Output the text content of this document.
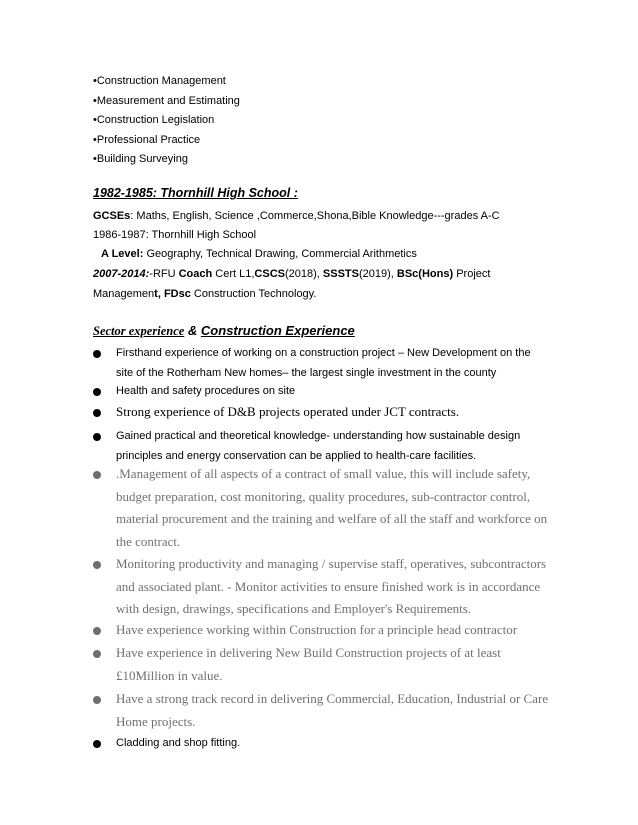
•Construction Management
•Measurement and Estimating
•Construction Legislation
•Professional Practice
•Building Surveying
1982-1985: Thornhill High School :
GCSEs: Maths, English, Science ,Commerce,Shona,Bible Knowledge---grades A-C
1986-1987: Thornhill High School
A Level: Geography, Technical Drawing, Commercial Arithmetics
2007-2014:-RFU Coach Cert L1,CSCS(2018), SSSTS(2019), BSc(Hons) Project
Management, FDsc Construction Technology.
Sector experience & Construction Experience
Firsthand experience of working on a construction project – New Development on the
site of the Rotherham New homes– the largest single investment in the county
Health and safety procedures on site
Strong experience of D&B projects operated under JCT contracts.
Gained practical and theoretical knowledge- understanding how sustainable design
principles and energy conservation can be applied to health-care facilities.
.Management of all aspects of a contract of small value, this will include safety,
budget preparation, cost monitoring, quality procedures, sub-contractor control,
material procurement and the training and welfare of all the staff and workforce on
the contract.
Monitoring productivity and managing / supervise staff, operatives, subcontractors
and associated plant. - Monitor activities to ensure finished work is in accordance
with design, drawings, specifications and Employer's Requirements.
Have experience working within Construction for a principle head contractor
Have experience in delivering New Build Construction projects of at least
£10Million in value.
Have a strong track record in delivering Commercial, Education, Industrial or Care
Home projects.
Cladding and shop fitting.
